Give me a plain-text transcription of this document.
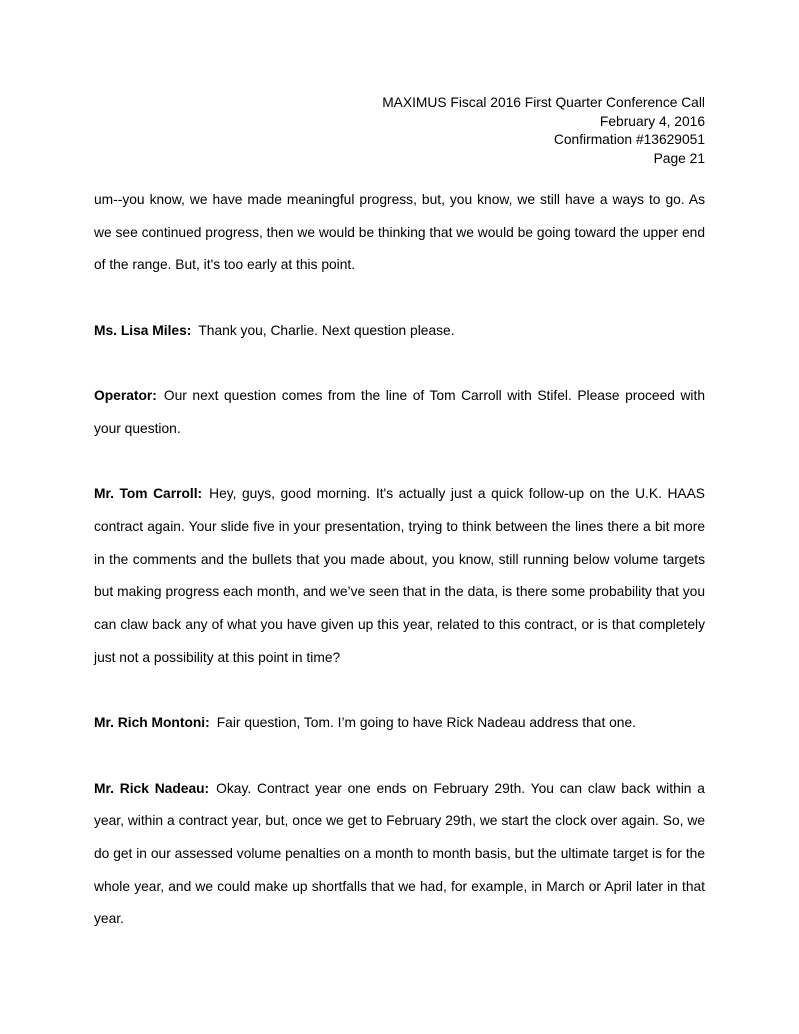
MAXIMUS Fiscal 2016 First Quarter Conference Call
February 4, 2016
Confirmation #13629051
Page 21

um--you know, we have made meaningful progress, but, you know, we still have a ways to go. As we see continued progress, then we would be thinking that we would be going toward the upper end of the range. But, it's too early at this point.

Ms. Lisa Miles: Thank you, Charlie. Next question please.

Operator: Our next question comes from the line of Tom Carroll with Stifel. Please proceed with your question.

Mr. Tom Carroll: Hey, guys, good morning. It's actually just a quick follow-up on the U.K. HAAS contract again. Your slide five in your presentation, trying to think between the lines there a bit more in the comments and the bullets that you made about, you know, still running below volume targets but making progress each month, and we’ve seen that in the data, is there some probability that you can claw back any of what you have given up this year, related to this contract, or is that completely just not a possibility at this point in time?

Mr. Rich Montoni: Fair question, Tom. I’m going to have Rick Nadeau address that one.

Mr. Rick Nadeau: Okay. Contract year one ends on February 29th. You can claw back within a year, within a contract year, but, once we get to February 29th, we start the clock over again. So, we do get in our assessed volume penalties on a month to month basis, but the ultimate target is for the whole year, and we could make up shortfalls that we had, for example, in March or April later in that year.
